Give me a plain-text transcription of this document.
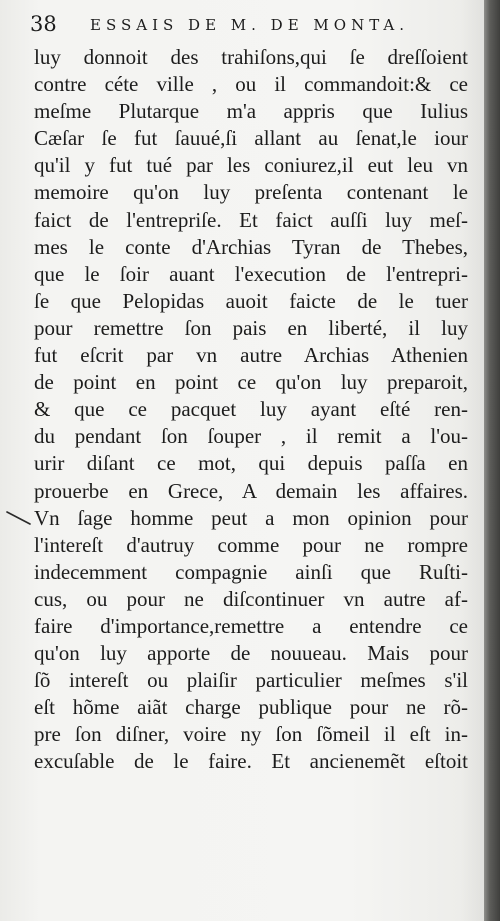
38 ESSAIS DE M. DE MONTA.
luy donnoit des trahiſons,qui ſe dreſſoient
contre céte ville , ou il commandoit:& ce
meſme Plutarque m'a appris que Iulius
Cæſar ſe fut ſauué,ſi allant au ſenat,le iour
qu'il y fut tué par les coniurez,il eut leu vn
memoire qu'on luy preſenta contenant le
faict de l'entrepriſe. Et faict auſſi luy meſ-
mes le conte d'Archias Tyran de Thebes,
que le ſoir auant l'execution de l'entrepri-
ſe que Pelopidas auoit faicte de le tuer
pour remettre ſon pais en liberté, il luy
fut eſcrit par vn autre Archias Athenien
de point en point ce qu'on luy preparoit,
& que ce pacquet luy ayant eſté ren-
du pendant ſon ſouper , il remit a l'ou-
urir diſant ce mot, qui depuis paſſa en
prouerbe en Grece, A demain les affaires.
Vn ſage homme peut a mon opinion pour
l'intereſt d'autruy comme pour ne rompre
indecemment compagnie ainſi que Ruſti-
cus, ou pour ne diſcontinuer vn autre af-
faire d'importance,remettre a entendre ce
qu'on luy apporte de nouueau. Mais pour
ſõ intereſt ou plaiſir particulier meſmes s'il
eſt hõme aiãt charge publique pour ne rõ-
pre ſon diſner, voire ny ſon ſõmeil il eſt in-
excuſable de le faire. Et ancienemẽt eſtoit
